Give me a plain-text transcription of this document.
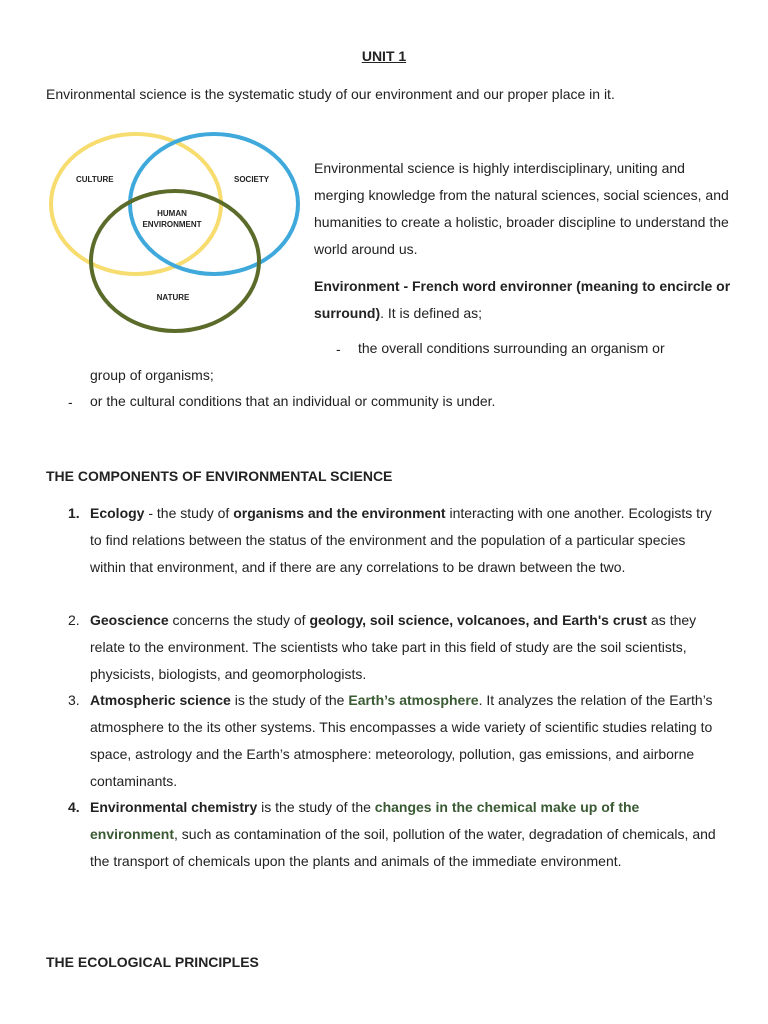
UNIT 1
Environmental science is the systematic study of our environment and our proper place in it.
CULTURE	SOCIETY
HUMAN
ENVIRONMENT
NATURE
Environmental science is highly interdisciplinary, uniting and merging knowledge from the natural sciences, social sciences, and humanities to create a holistic, broader discipline to understand the world around us.
Environment - French word environner (meaning to encircle or surround). It is defined as;
- the overall conditions surrounding an organism or
group of organisms;
- or the cultural conditions that an individual or community is under.
THE COMPONENTS OF ENVIRONMENTAL SCIENCE
1. Ecology - the study of organisms and the environment interacting with one another. Ecologists try to find relations between the status of the environment and the population of a particular species within that environment, and if there are any correlations to be drawn between the two.
2. Geoscience concerns the study of geology, soil science, volcanoes, and Earth's crust as they relate to the environment. The scientists who take part in this field of study are the soil scientists, physicists, biologists, and geomorphologists.
3. Atmospheric science is the study of the Earth’s atmosphere. It analyzes the relation of the Earth’s atmosphere to the its other systems. This encompasses a wide variety of scientific studies relating to space, astrology and the Earth’s atmosphere: meteorology, pollution, gas emissions, and airborne contaminants.
4. Environmental chemistry is the study of the changes in the chemical make up of the environment, such as contamination of the soil, pollution of the water, degradation of chemicals, and the transport of chemicals upon the plants and animals of the immediate environment.
THE ECOLOGICAL PRINCIPLES
